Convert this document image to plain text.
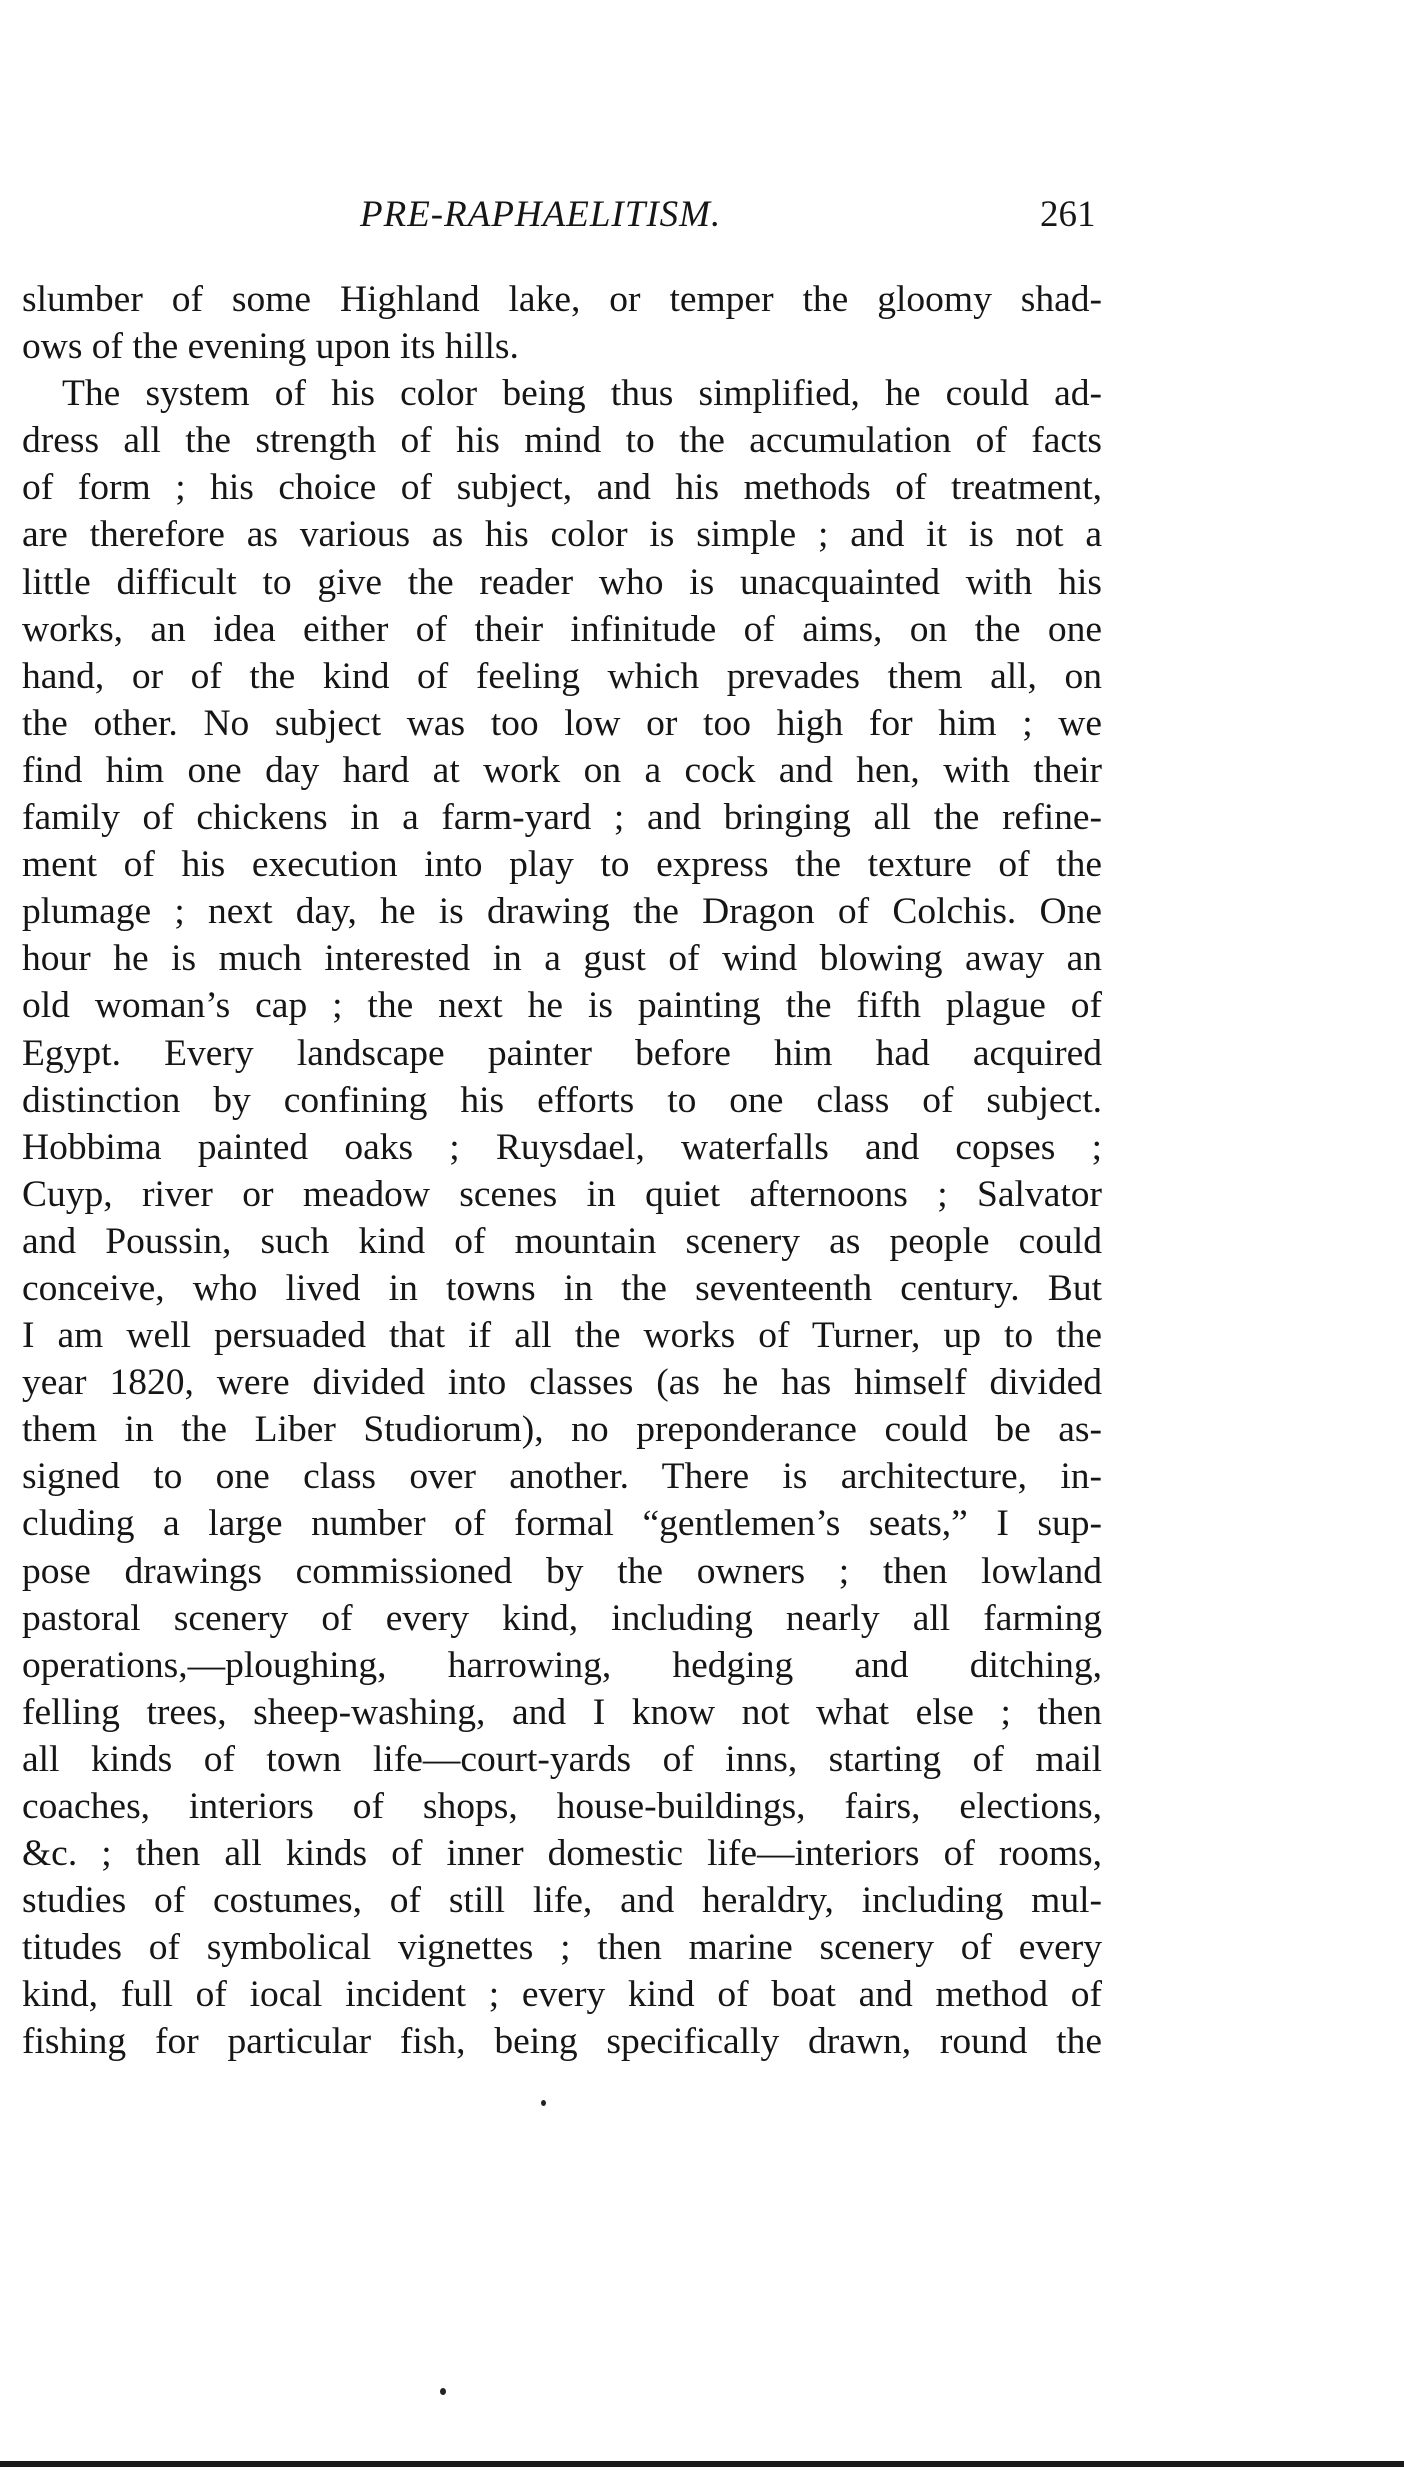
PRE-RAPHAELITISM.	261
slumber of some Highland lake, or temper the gloomy shad-
ows of the evening upon its hills.
The system of his color being thus simplified, he could ad-
dress all the strength of his mind to the accumulation of facts
of form ; his choice of subject, and his methods of treatment,
are therefore as various as his color is simple ; and it is not a
little difficult to give the reader who is unacquainted with his
works, an idea either of their infinitude of aims, on the one
hand, or of the kind of feeling which prevades them all, on
the other. No subject was too low or too high for him ; we
find him one day hard at work on a cock and hen, with their
family of chickens in a farm-yard ; and bringing all the refine-
ment of his execution into play to express the texture of the
plumage ; next day, he is drawing the Dragon of Colchis. One
hour he is much interested in a gust of wind blowing away an
old woman’s cap ; the next he is painting the fifth plague of
Egypt. Every landscape painter before him had acquired
distinction by confining his efforts to one class of subject.
Hobbima painted oaks ; Ruysdael, waterfalls and copses ;
Cuyp, river or meadow scenes in quiet afternoons ; Salvator
and Poussin, such kind of mountain scenery as people could
conceive, who lived in towns in the seventeenth century. But
I am well persuaded that if all the works of Turner, up to the
year 1820, were divided into classes (as he has himself divided
them in the Liber Studiorum), no preponderance could be as-
signed to one class over another. There is architecture, in-
cluding a large number of formal “gentlemen’s seats,” I sup-
pose drawings commissioned by the owners ; then lowland
pastoral scenery of every kind, including nearly all farming
operations,—ploughing, harrowing, hedging and ditching,
felling trees, sheep-washing, and I know not what else ; then
all kinds of town life—court-yards of inns, starting of mail
coaches, interiors of shops, house-buildings, fairs, elections,
&c. ; then all kinds of inner domestic life—interiors of rooms,
studies of costumes, of still life, and heraldry, including mul-
titudes of symbolical vignettes ; then marine scenery of every
kind, full of iocal incident ; every kind of boat and method of
fishing for particular fish, being specifically drawn, round the
